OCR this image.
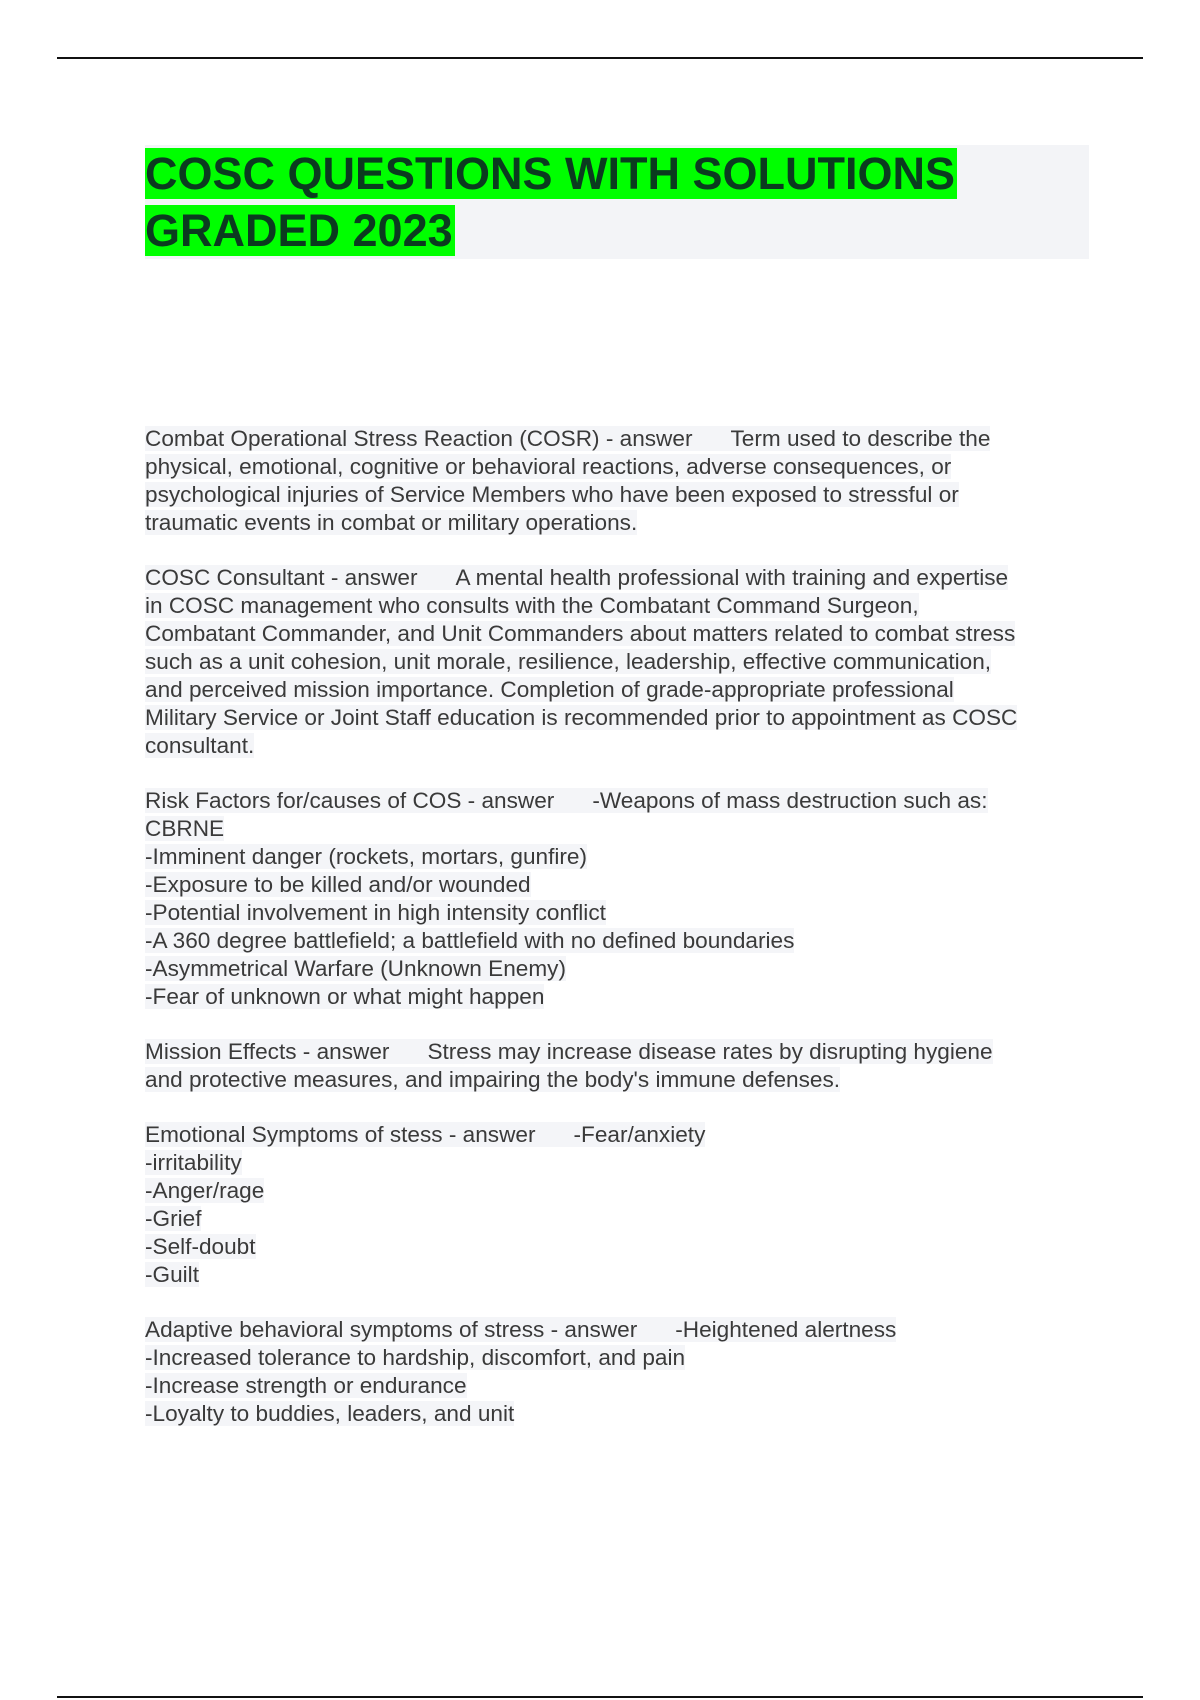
COSC QUESTIONS WITH SOLUTIONS
GRADED 2023
Combat Operational Stress Reaction (COSR) - answer Term used to describe the
physical, emotional, cognitive or behavioral reactions, adverse consequences, or
psychological injuries of Service Members who have been exposed to stressful or
traumatic events in combat or military operations.
COSC Consultant - answer A mental health professional with training and expertise
in COSC management who consults with the Combatant Command Surgeon,
Combatant Commander, and Unit Commanders about matters related to combat stress
such as a unit cohesion, unit morale, resilience, leadership, effective communication,
and perceived mission importance. Completion of grade-appropriate professional
Military Service or Joint Staff education is recommended prior to appointment as COSC
consultant.
Risk Factors for/causes of COS - answer -Weapons of mass destruction such as:
CBRNE
-Imminent danger (rockets, mortars, gunfire)
-Exposure to be killed and/or wounded
-Potential involvement in high intensity conflict
-A 360 degree battlefield; a battlefield with no defined boundaries
-Asymmetrical Warfare (Unknown Enemy)
-Fear of unknown or what might happen
Mission Effects - answer Stress may increase disease rates by disrupting hygiene
and protective measures, and impairing the body's immune defenses.
Emotional Symptoms of stess - answer -Fear/anxiety
-irritability
-Anger/rage
-Grief
-Self-doubt
-Guilt
Adaptive behavioral symptoms of stress - answer -Heightened alertness
-Increased tolerance to hardship, discomfort, and pain
-Increase strength or endurance
-Loyalty to buddies, leaders, and unit
